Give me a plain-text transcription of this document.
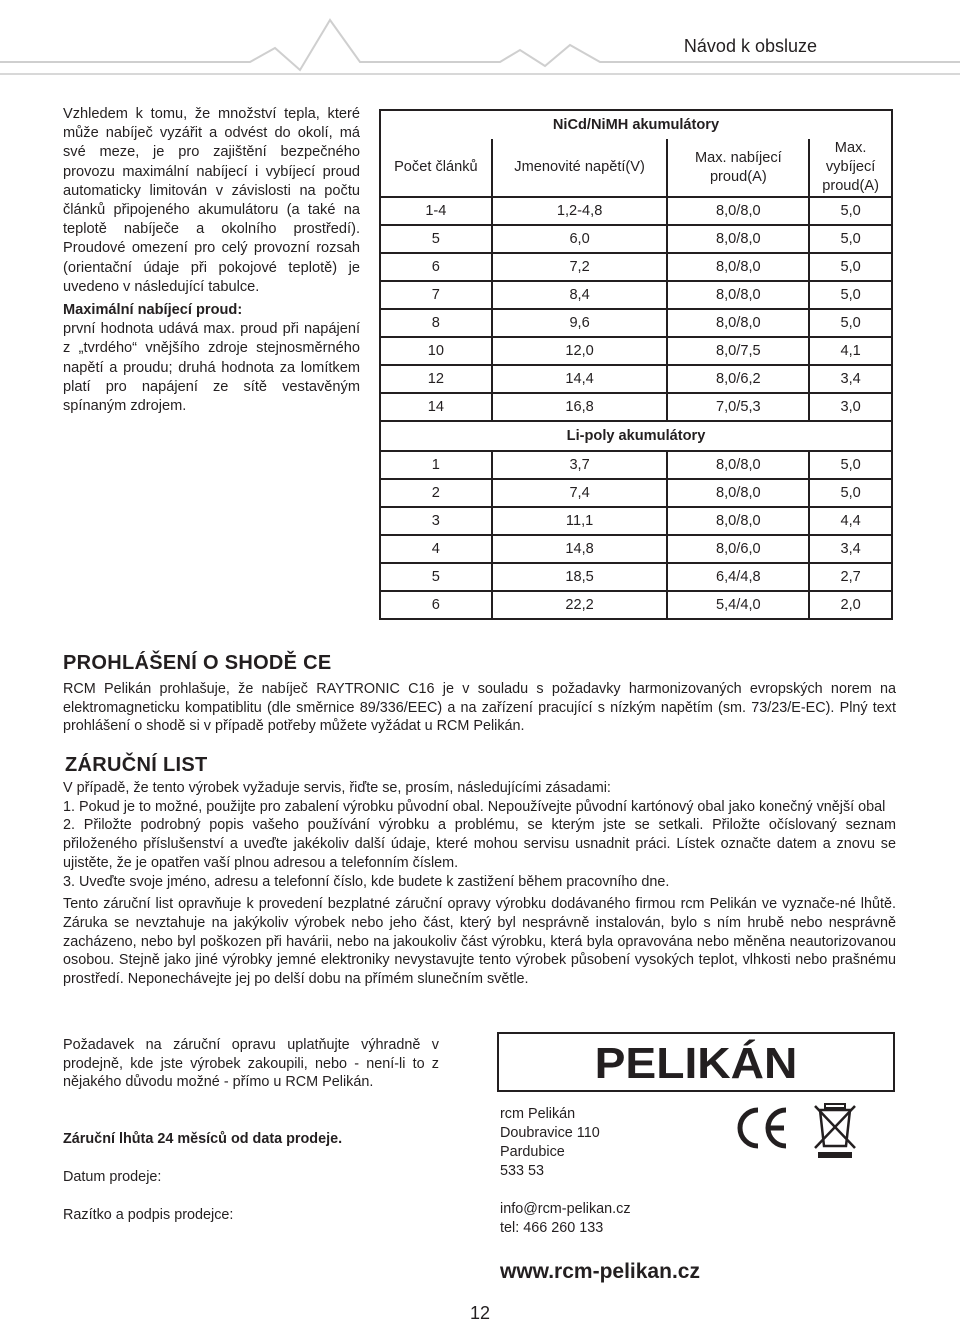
Návod k obsluze

Vzhledem k tomu, že množství tepla, které může nabíječ vyzářit a odvést do okolí, má své meze, je pro zajištění bezpečného provozu maximální nabíjecí i vybíjecí proud automaticky limitován v závislosti na počtu článků připojeného akumulátoru (a také na teplotě nabíječe a okolního prostředí). Proudové omezení pro celý provozní rozsah (orientační údaje při pokojové teplotě) je uvedeno v následující tabulce.

Maximální nabíjecí proud:

první hodnota udává max. proud při napájení z „tvrdého“ vnějšího zdroje stejnosměrného napětí a proudu; druhá hodnota za lomítkem platí pro napájení ze sítě vestavěným spínaným zdrojem.

NiCd/NiMH akumulátory			
Počet článků	Jmenovité napětí(V)	Max. nabíjecí proud(A)	Max. vybíjecí proud(A)
1-4	1,2-4,8	8,0/8,0	5,0
5	6,0	8,0/8,0	5,0
6	7,2	8,0/8,0	5,0
7	8,4	8,0/8,0	5,0
8	9,6	8,0/8,0	5,0
10	12,0	8,0/7,5	4,1
12	14,4	8,0/6,2	3,4
14	16,8	7,0/5,3	3,0
Li-poly akumulátory			
1	3,7	8,0/8,0	5,0
2	7,4	8,0/8,0	5,0
3	11,1	8,0/8,0	4,4
4	14,8	8,0/6,0	3,4
5	18,5	6,4/4,8	2,7
6	22,2	5,4/4,0	2,0
PROHLÁŠENÍ O SHODĚ CE
RCM Pelikán prohlašuje, že nabíječ RAYTRONIC C16 je v souladu s požadavky harmonizovaných evropských norem na elektromagneticku kompatiblitu (dle směrnice 89/336/EEC) a na zařízení pracující s nízkým napětím (sm. 73/23/E-EC). Plný text prohlášení o shodě si v případě potřeby můžete vyžádat u RCM Pelikán.
ZÁRUČNÍ LIST

V případě, že tento výrobek vyžaduje servis, řiďte se, prosím, následujícími zásadami:

1. Pokud je to možné, použijte pro zabalení výrobku původní obal. Nepoužívejte původní kartónový obal jako konečný vnější obal

2. Přiložte podrobný popis vašeho používání výrobku a problému, se kterým jste se setkali. Přiložte očíslovaný seznam přiloženého příslušenství a uveďte jakékoliv další údaje, které mohou servisu usnadnit práci. Lístek označte datem a znovu se ujistěte, že je opatřen vaší plnou adresou a telefonním číslem.

3. Uveďte svoje jméno, adresu a telefonní číslo, kde budete k zastižení během pracovního dne.

Tento záruční list opravňuje k provedení bezplatné záruční opravy výrobku dodávaného firmou rcm Pelikán ve vyznače-né lhůtě. Záruka se nevztahuje na jakýkoliv výrobek nebo jeho část, který byl nesprávně instalován, bylo s ním hrubě nebo nesprávně zacházeno, nebo byl poškozen při havárii, nebo na jakoukoliv část výrobku, která byla opravována nebo měněna neautorizovanou osobou. Stejně jako jiné výrobky jemné elektroniky nevystavujte tento výrobek působení vysokých teplot, vlhkosti nebo prašnému prostředí. Neponechávejte jej po delší dobu na přímém slunečním světle.

Požadavek na záruční opravu uplatňujte výhradně v prodejně, kde jste výrobek zakoupili, nebo - není-li to z nějakého důvodu možné - přímo u RCM Pelikán.
Záruční lhůta 24 měsíců od data prodeje.
Datum prodeje:
Razítko a podpis prodejce:
PELIKÁN
rcm Pelikán
Doubravice 110
Pardubice
533 53
info@rcm-pelikan.cz
tel: 466 260 133
www.rcm-pelikan.cz
12
